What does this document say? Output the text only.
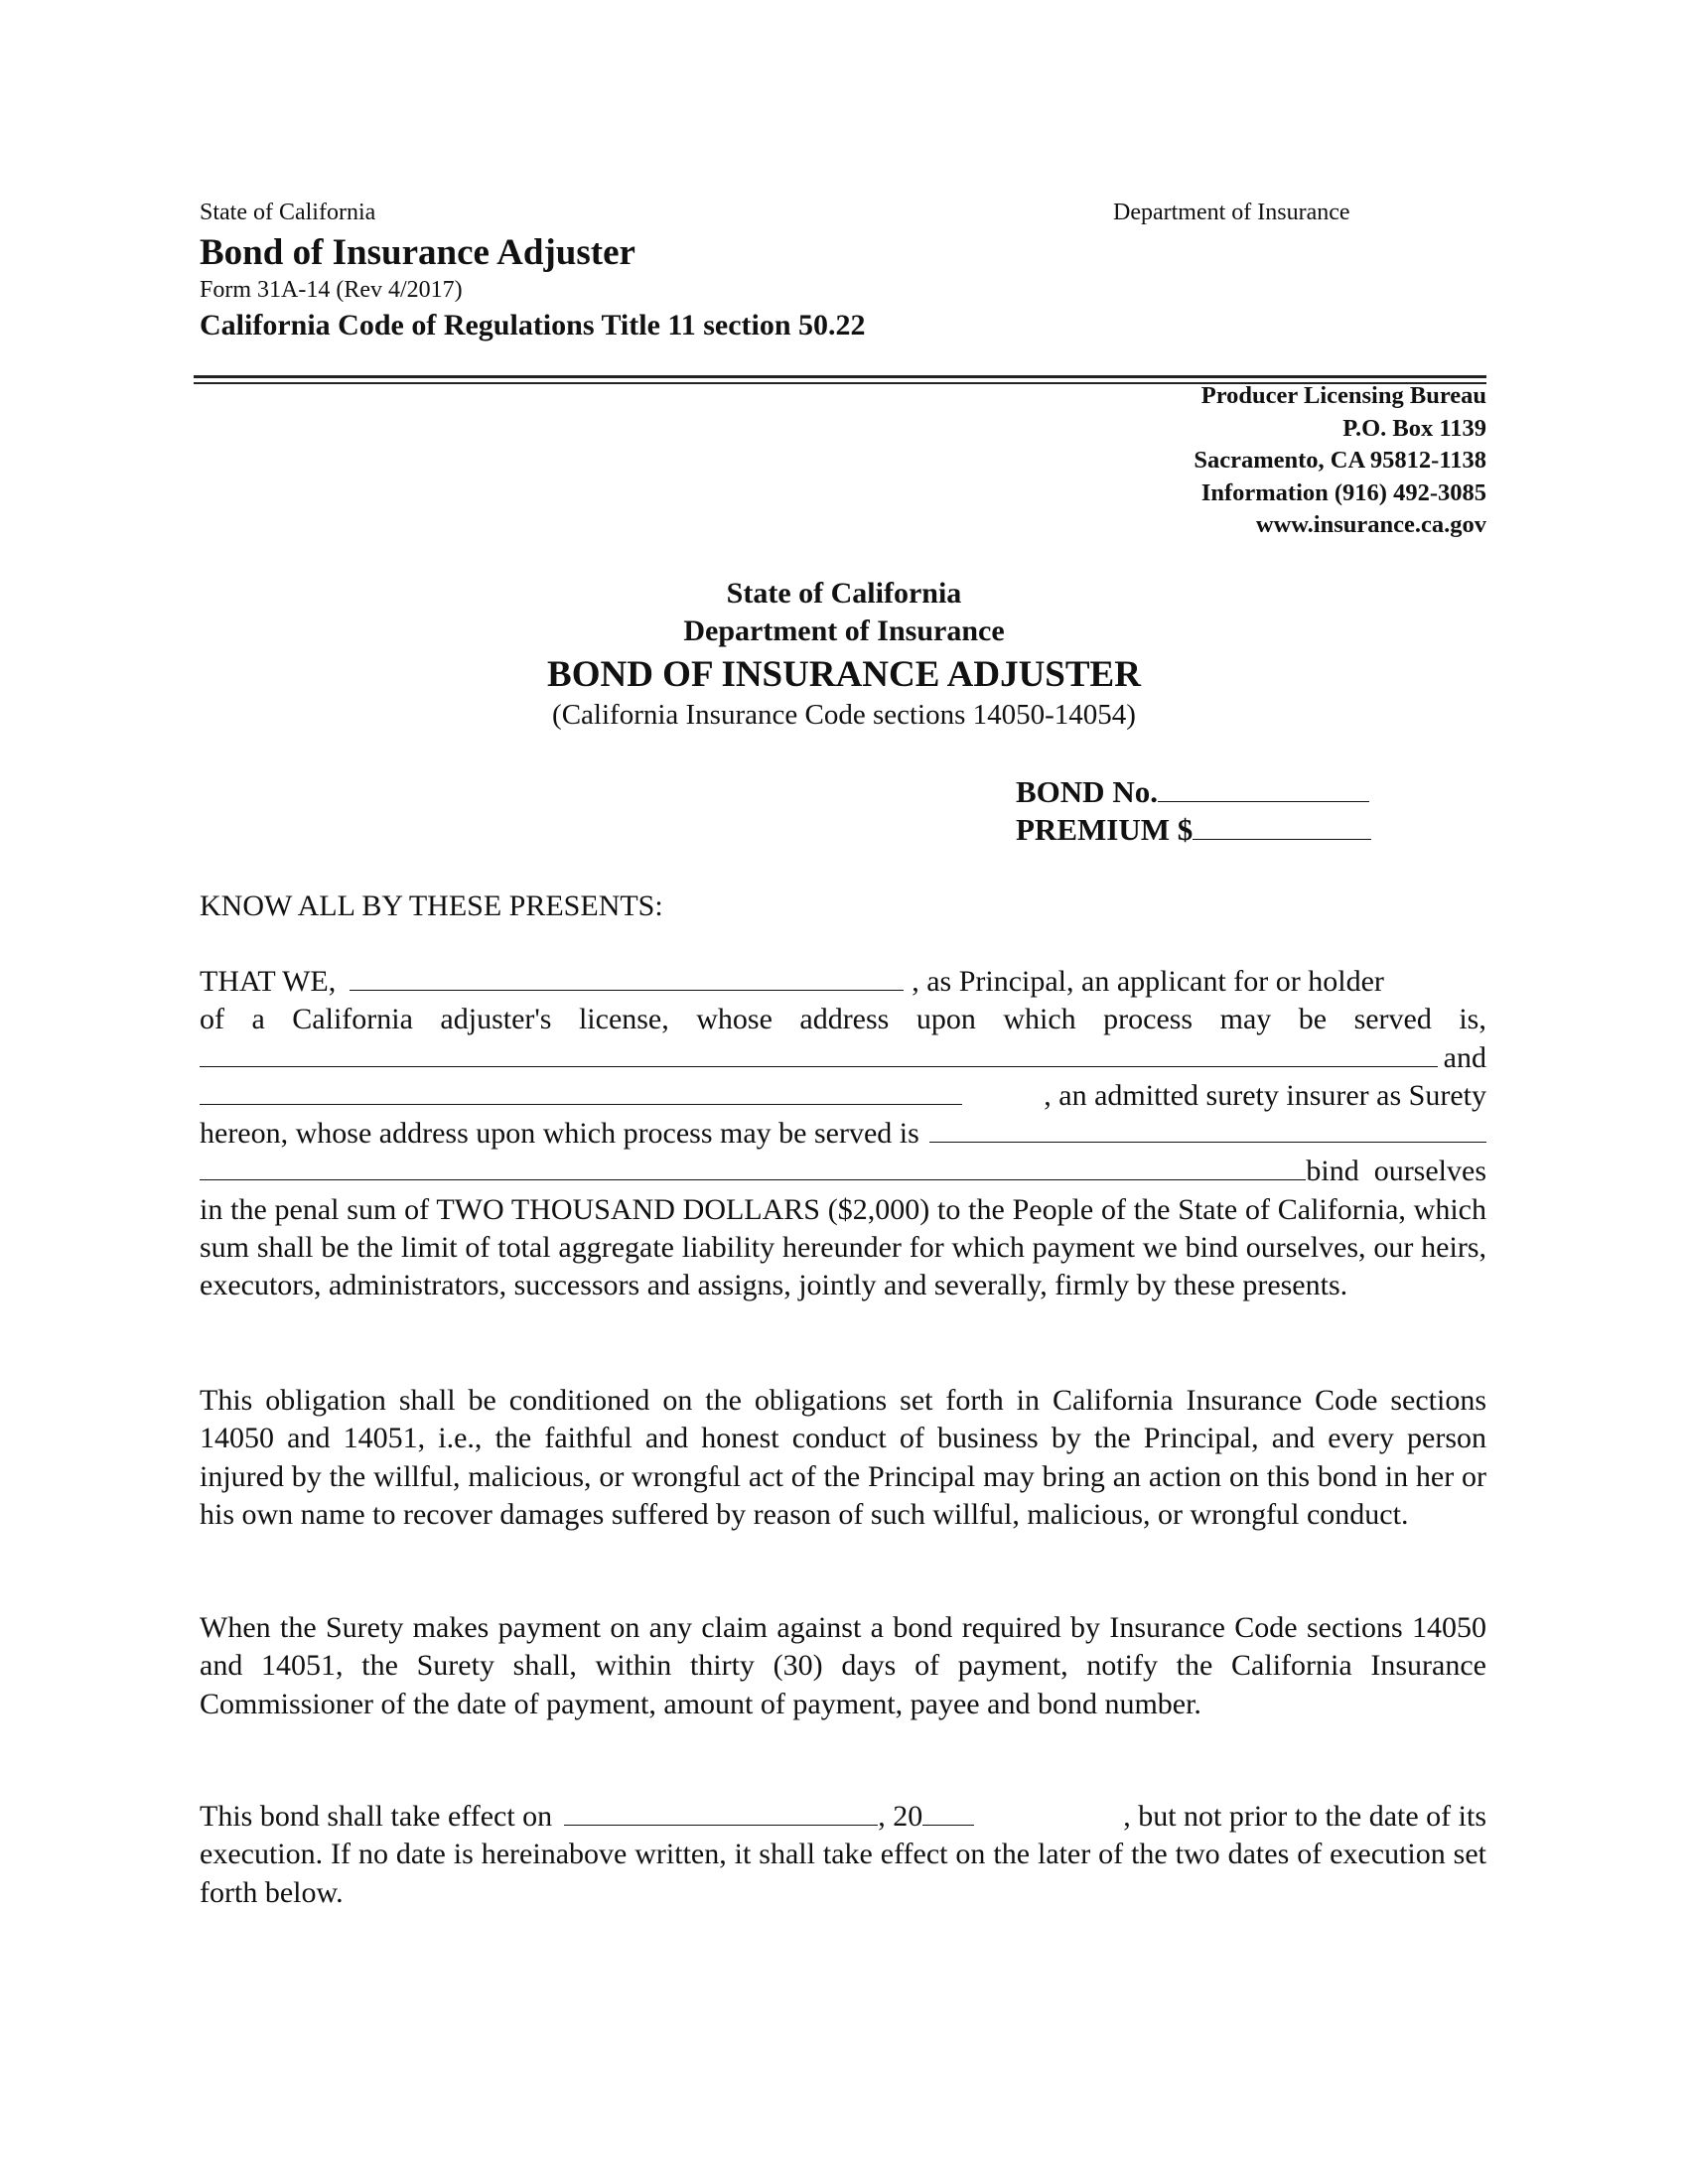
State of California	Department of Insurance
Bond of Insurance Adjuster
Form 31A-14 (Rev 4/2017)
California Code of Regulations Title 11 section 50.22
Producer Licensing Bureau
P.O. Box 1139
Sacramento, CA 95812-1138
Information (916) 492-3085
www.insurance.ca.gov
State of California
Department of Insurance
BOND OF INSURANCE ADJUSTER
(California Insurance Code sections 14050-14054)
BOND No.
PREMIUM $
KNOW ALL BY THESE PRESENTS:
THAT WE,	, as Principal, an applicant for or holder
of a California adjuster's license, whose address upon which process may be served is,
and
, an admitted surety insurer as Surety
hereon, whose address upon which process may be served is
bind  ourselves

in the penal sum of TWO THOUSAND DOLLARS ($2,000) to the People of the State of California, which sum shall be the limit of total aggregate liability hereunder for which payment we bind ourselves, our heirs, executors, administrators, successors and assigns, jointly and severally, firmly by these presents.

This obligation shall be conditioned on the obligations set forth in California Insurance Code sections 14050 and 14051, i.e., the faithful and honest conduct of business by the Principal, and every person injured by the willful, malicious, or wrongful act of the Principal may bring an action on this bond in her or his own name to recover damages suffered by reason of such willful, malicious, or wrongful conduct.
When the Surety makes payment on any claim against a bond required by Insurance Code sections 14050 and 14051, the Surety shall, within thirty (30) days of payment, notify the California Insurance Commissioner of the date of payment, amount of payment, payee and bond number.
This bond shall take effect on	, 20	, but not prior to the date of its

execution. If no date is hereinabove written, it shall take effect on the later of the two dates of execution set forth below.
